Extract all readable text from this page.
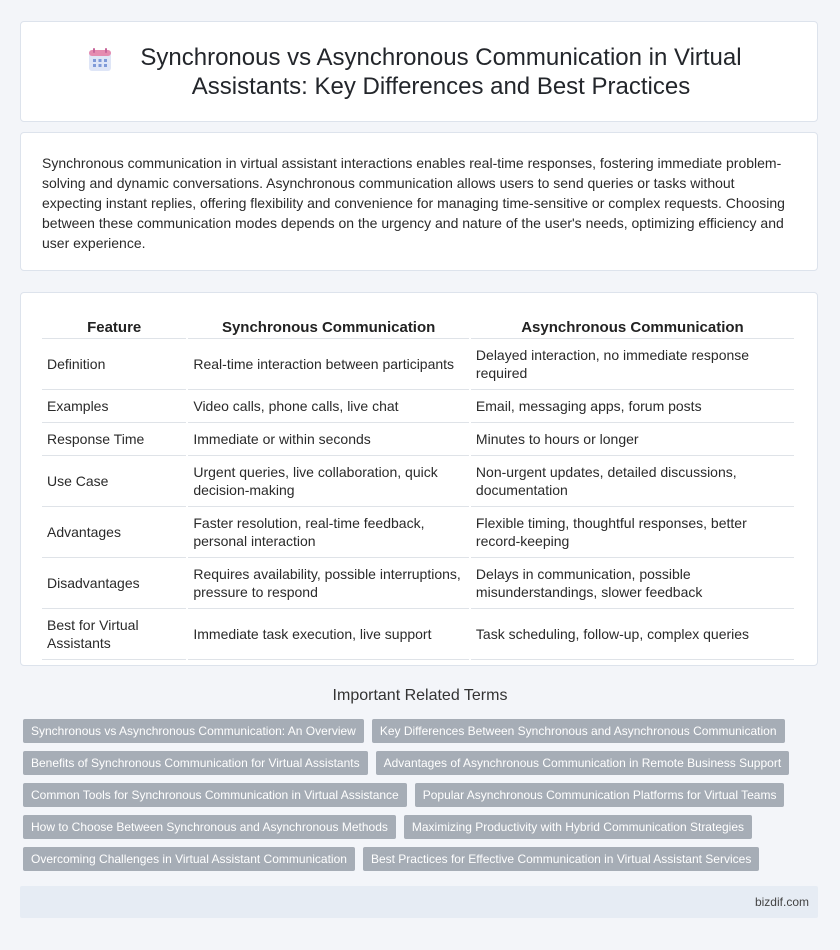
Synchronous vs Asynchronous Communication in Virtual Assistants: Key Differences and Best Practices

Synchronous communication in virtual assistant interactions enables real-time responses, fostering immediate problem-solving and dynamic conversations. Asynchronous communication allows users to send queries or tasks without expecting instant replies, offering flexibility and convenience for managing time-sensitive or complex requests. Choosing between these communication modes depends on the urgency and nature of the user's needs, optimizing efficiency and user experience.

Feature	Synchronous Communication	Asynchronous Communication
Definition	Real-time interaction between participants	Delayed interaction, no immediate response required
Examples	Video calls, phone calls, live chat	Email, messaging apps, forum posts
Response Time	Immediate or within seconds	Minutes to hours or longer
Use Case	Urgent queries, live collaboration, quick decision-making	Non-urgent updates, detailed discussions, documentation
Advantages	Faster resolution, real-time feedback, personal interaction	Flexible timing, thoughtful responses, better record-keeping
Disadvantages	Requires availability, possible interruptions, pressure to respond	Delays in communication, possible misunderstandings, slower feedback
Best for Virtual Assistants	Immediate task execution, live support	Task scheduling, follow-up, complex queries
Important Related Terms
Synchronous vs Asynchronous Communication: An Overview	Key Differences Between Synchronous and Asynchronous Communication
Benefits of Synchronous Communication for Virtual Assistants	Advantages of Asynchronous Communication in Remote Business Support
Common Tools for Synchronous Communication in Virtual Assistance	Popular Asynchronous Communication Platforms for Virtual Teams
How to Choose Between Synchronous and Asynchronous Methods	Maximizing Productivity with Hybrid Communication Strategies
Overcoming Challenges in Virtual Assistant Communication	Best Practices for Effective Communication in Virtual Assistant Services
bizdif.com
